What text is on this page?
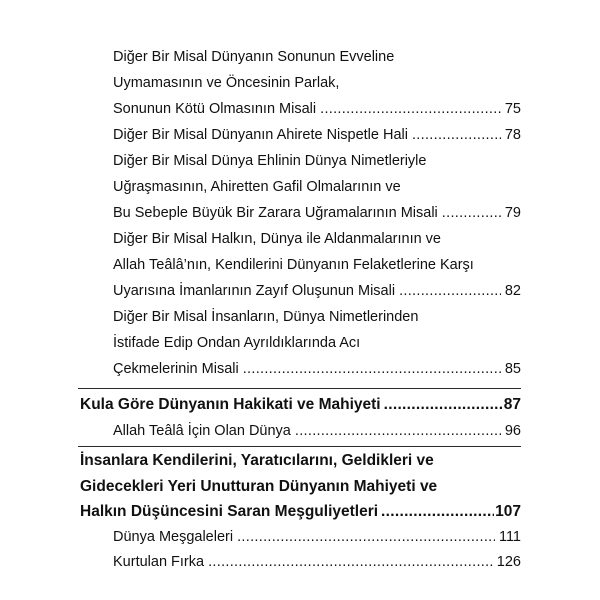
Diğer Bir Misal Dünyanın Sonunun Evveline
Uymamasının ve Öncesinin Parlak,
Sonunun Kötü Olmasının Misali .....	75
Diğer Bir Misal Dünyanın Ahirete Nispetle Hali .....	78
Diğer Bir Misal Dünya Ehlinin Dünya Nimetleriyle
Uğraşmasının, Ahiretten Gafil Olmalarının ve
Bu Sebeple Büyük Bir Zarara Uğramalarının Misali .....	79
Diğer Bir Misal Halkın, Dünya ile Aldanmalarının ve
Allah Teâlâ’nın, Kendilerini Dünyanın Felaketlerine Karşı
Uyarısına İmanlarının Zayıf Oluşunun Misali .....	82
Diğer Bir Misal İnsanların, Dünya Nimetlerinden
İstifade Edip Ondan Ayrıldıklarında Acı
Çekmelerinin Misali .....	85
Kula Göre Dünyanın Hakikati ve Mahiyeti .....	87
Allah Teâlâ İçin Olan Dünya .....	96
İnsanlara Kendilerini, Yaratıcılarını, Geldikleri ve
Gidecekleri Yeri Unutturan Dünyanın Mahiyeti ve
Halkın Düşüncesini Saran Meşguliyetleri .....	107
Dünya Meşgaleleri .....	111
Kurtulan Fırka .....	126
